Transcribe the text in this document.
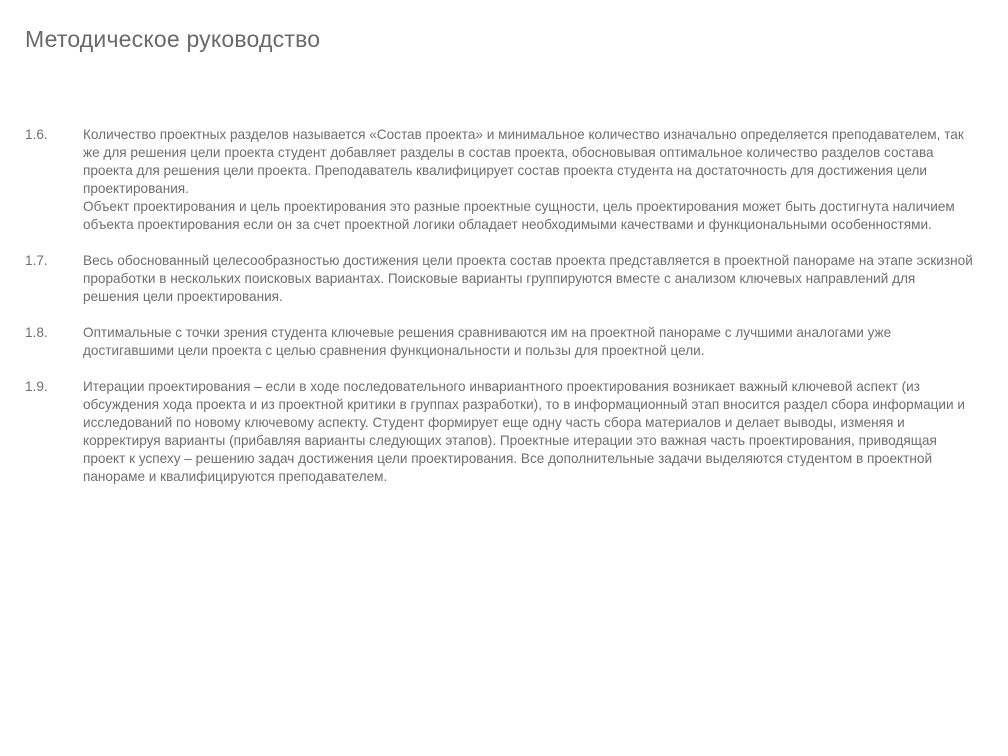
Методическое руководство
1.6.	Количество проектных разделов называется «Состав проекта» и минимальное количество изначально определяется преподавателем, так же для решения цели проекта студент добавляет разделы в состав проекта, обосновывая оптимальное количество разделов состава проекта для решения цели проекта. Преподаватель квалифицирует состав проекта студента на достаточность для достижения цели проектирования.
Объект проектирования и цель проектирования это разные проектные сущности, цель проектирования может быть достигнута наличием объекта проектирования если он за счет проектной логики обладает необходимыми качествами и функциональными особенностями.
1.7.	Весь обоснованный целесообразностью достижения цели проекта состав проекта представляется в проектной панораме на этапе эскизной проработки в нескольких поисковых вариантах. Поисковые варианты группируются вместе с анализом ключевых направлений для решения цели проектирования.
1.8.	Оптимальные с точки зрения студента ключевые решения сравниваются им на проектной панораме с лучшими аналогами уже достигавшими цели проекта с целью сравнения функциональности и пользы для проектной цели.
1.9.	Итерации проектирования – если в ходе последовательного инвариантного проектирования возникает важный ключевой аспект (из обсуждения хода проекта и из проектной критики в группах разработки), то в информационный этап вносится раздел сбора информации и исследований по новому ключевому аспекту. Студент формирует еще одну часть сбора материалов и делает выводы, изменяя и корректируя варианты (прибавляя варианты следующих этапов). Проектные итерации это важная часть проектирования, приводящая проект к успеху – решению задач достижения цели проектирования. Все дополнительные задачи выделяются студентом в проектной панораме и квалифицируются преподавателем.
